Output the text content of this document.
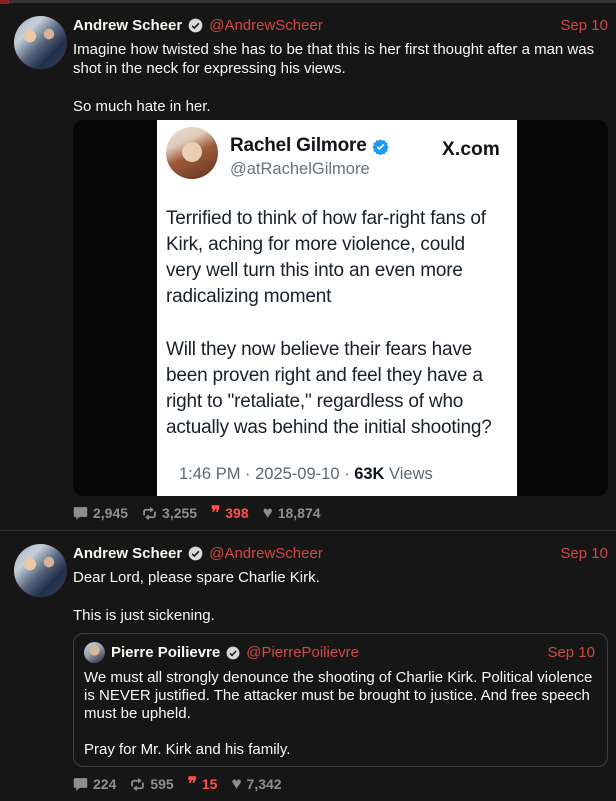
Andrew Scheer @AndrewScheer	Sep 10

Imagine how twisted she has to be that this is her first thought after a man was shot in the neck for expressing his views.

So much hate in her.

Rachel Gilmore
@atRachelGilmore
X.com

Terrified to think of how far-right fans of Kirk, aching for more violence, could very well turn this into an even more radicalizing moment

Will they now believe their fears have been proven right and feel they have a right to "retaliate," regardless of who actually was behind the initial shooting?

1:46 PM · 2025-09-10 · 63K Views
2,945 3,255 ❞ 398 ♥ 18,874
Andrew Scheer @AndrewScheer	Sep 10

Dear Lord, please spare Charlie Kirk.

This is just sickening.

Pierre Poilievre @PierrePoilievre	Sep 10

We must all strongly denounce the shooting of Charlie Kirk. Political violence is NEVER justified. The attacker must be brought to justice. And free speech must be upheld.

Pray for Mr. Kirk and his family.

224 595 ❞ 15 ♥ 7,342
